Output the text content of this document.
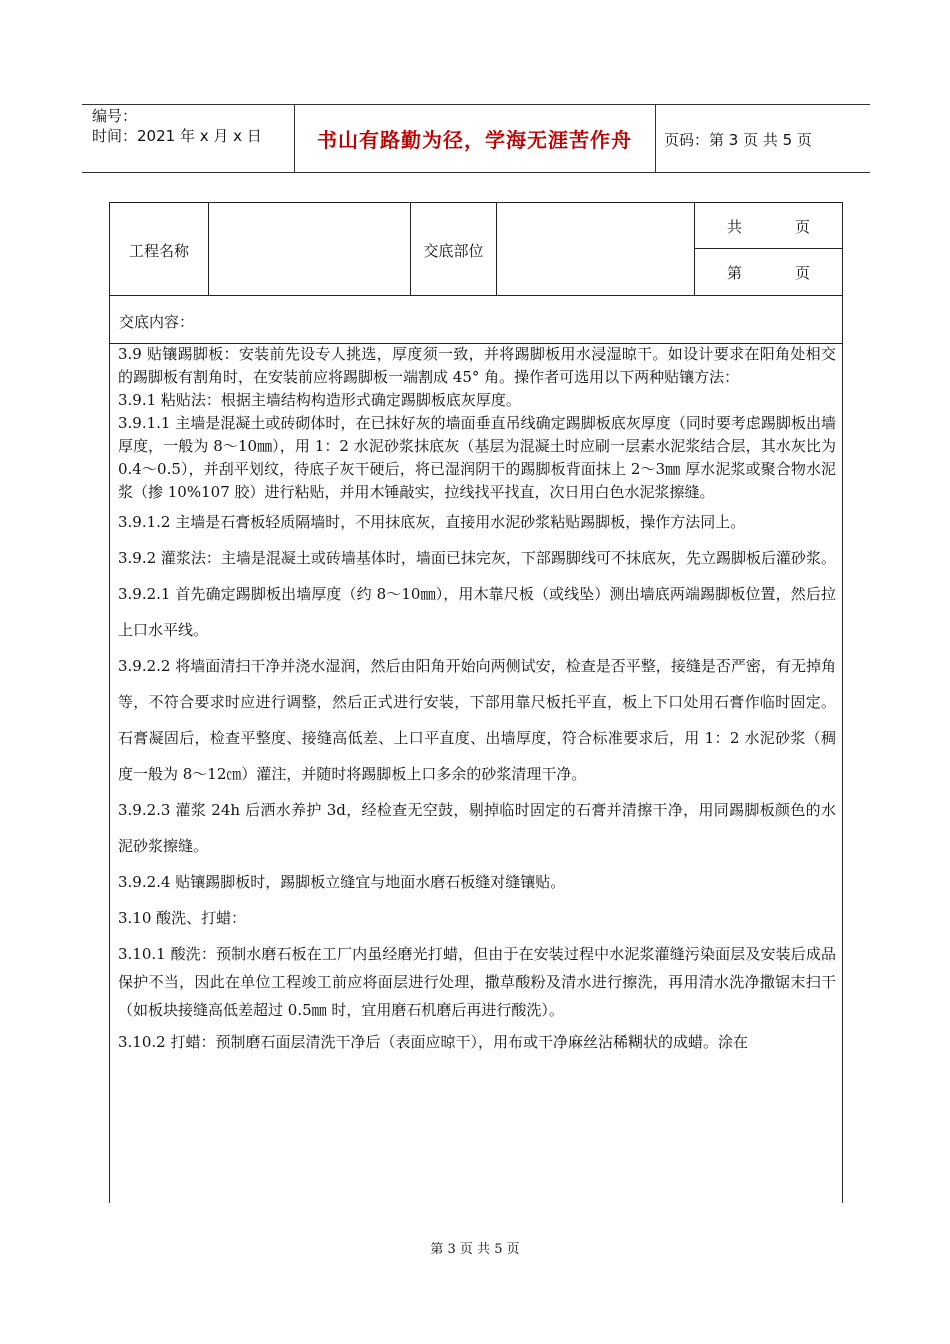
编号：
时间：2021 年 x 月 x 日	书山有路勤为径，学海无涯苦作舟	页码：第 3 页 共 5 页
工程名称	交底部位
共	页
第	页
交底内容：

3.9 贴镶踢脚板：安装前先设专人挑选，厚度须一致，并将踢脚板用水浸湿晾干。如设计要求在阳角处相交的踢脚板有割角时，在安装前应将踢脚板一端割成 45° 角。操作者可选用以下两种贴镶方法：

3.9.1 粘贴法：根据主墙结构构造形式确定踢脚板底灰厚度。

3.9.1.1 主墙是混凝土或砖砌体时，在已抹好灰的墙面垂直吊线确定踢脚板底灰厚度（同时要考虑踢脚板出墙厚度，一般为 8～10㎜），用 1：2 水泥砂浆抹底灰（基层为混凝土时应刷一层素水泥浆结合层，其水灰比为 0.4～0.5），并刮平划纹，待底子灰干硬后，将已湿润阴干的踢脚板背面抹上 2～3㎜ 厚水泥浆或聚合物水泥浆（掺 10%107 胶）进行粘贴，并用木锤敲实，拉线找平找直，次日用白色水泥浆擦缝。

3.9.1.2 主墙是石膏板轻质隔墙时，不用抹底灰，直接用水泥砂浆粘贴踢脚板，操作方法同上。

3.9.2 灌浆法：主墙是混凝土或砖墙基体时，墙面已抹完灰，下部踢脚线可不抹底灰，先立踢脚板后灌砂浆。

3.9.2.1 首先确定踢脚板出墙厚度（约 8～10㎜），用木靠尺板（或线坠）测出墙底两端踢脚板位置，然后拉上口水平线。

3.9.2.2 将墙面清扫干净并浇水湿润，然后由阳角开始向两侧试安，检查是否平整，接缝是否严密，有无掉角等，不符合要求时应进行调整，然后正式进行安装，下部用靠尺板托平直，板上下口处用石膏作临时固定。石膏凝固后，检查平整度、接缝高低差、上口平直度、出墙厚度，符合标准要求后，用 1：2 水泥砂浆（稠度一般为 8～12㎝）灌注，并随时将踢脚板上口多余的砂浆清理干净。

3.9.2.3 灌浆 24h 后洒水养护 3d，经检查无空鼓，剔掉临时固定的石膏并清擦干净，用同踢脚板颜色的水泥砂浆擦缝。

3.9.2.4 贴镶踢脚板时，踢脚板立缝宜与地面水磨石板缝对缝镶贴。

3.10 酸洗、打蜡：

3.10.1 酸洗：预制水磨石板在工厂内虽经磨光打蜡，但由于在安装过程中水泥浆灌缝污染面层及安装后成品保护不当，因此在单位工程竣工前应将面层进行处理，撒草酸粉及清水进行擦洗，再用清水洗净撒锯末扫干（如板块接缝高低差超过 0.5㎜ 时，宜用磨石机磨后再进行酸洗）。

3.10.2 打蜡：预制磨石面层清洗干净后（表面应晾干），用布或干净麻丝沾稀糊状的成蜡。涂在

第 3 页 共 5 页
